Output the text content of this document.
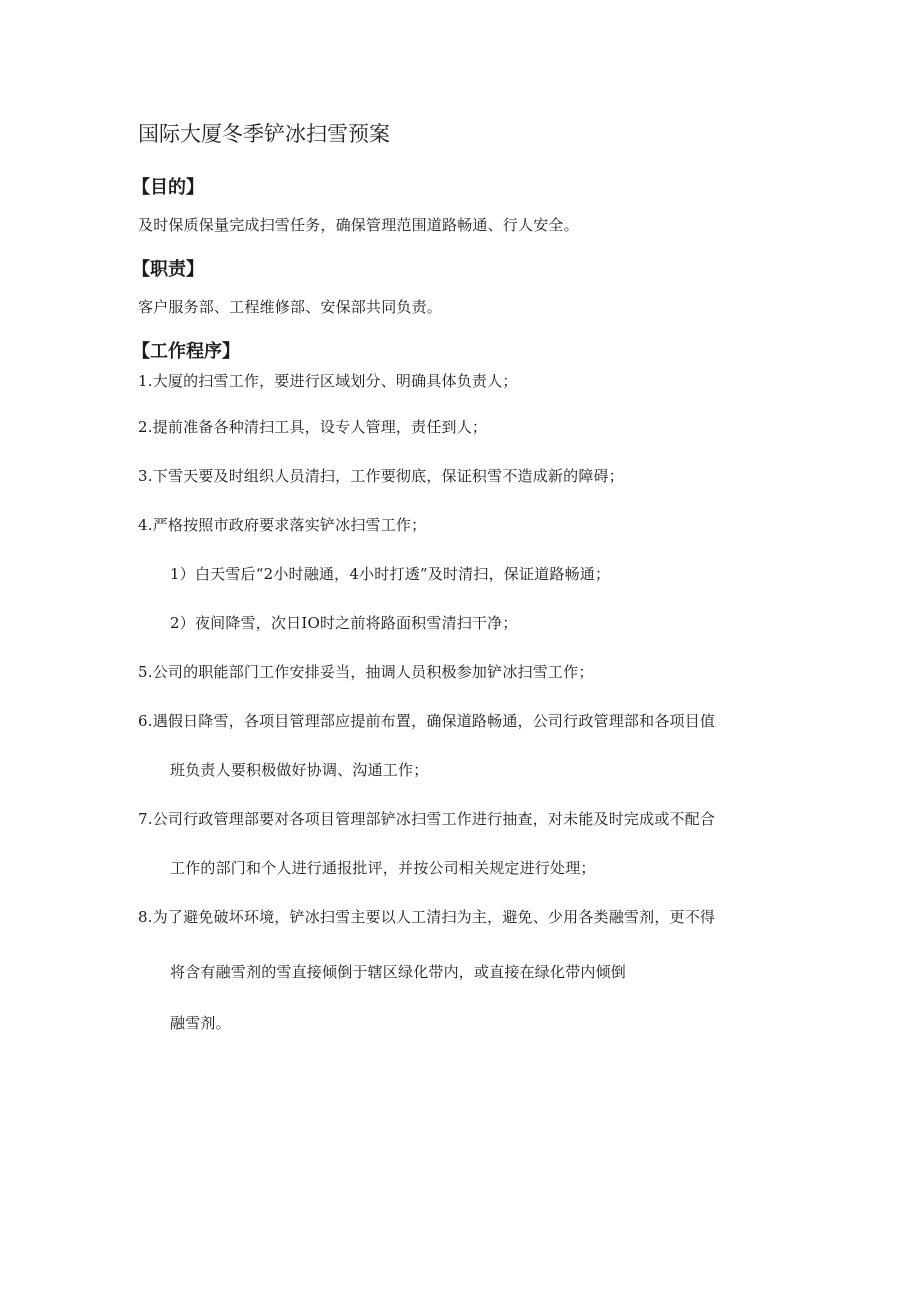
国际大厦冬季铲冰扫雪预案
【目的】
及时保质保量完成扫雪任务，确保管理范围道路畅通、行人安全。
【职责】
客户服务部、工程维修部、安保部共同负责。
【工作程序】
1.大厦的扫雪工作，要进行区域划分、明确具体负责人；
2.提前准备各种清扫工具，设专人管理，责任到人；
3.下雪天要及时组织人员清扫，工作要彻底，保证积雪不造成新的障碍；
4.严格按照市政府要求落实铲冰扫雪工作；
1）白天雪后“2小时融通，4小时打透”及时清扫，保证道路畅通；
2）夜间降雪，次日IO时之前将路面积雪清扫干净；
5.公司的职能部门工作安排妥当，抽调人员积极参加铲冰扫雪工作；
6.遇假日降雪，各项目管理部应提前布置，确保道路畅通，公司行政管理部和各项目值
班负责人要积极做好协调、沟通工作；
7.公司行政管理部要对各项目管理部铲冰扫雪工作进行抽查，对未能及时完成或不配合
工作的部门和个人进行通报批评，并按公司相关规定进行处理；
8.为了避免破坏环境，铲冰扫雪主要以人工清扫为主，避免、少用各类融雪剂，更不得
将含有融雪剂的雪直接倾倒于辖区绿化带内，或直接在绿化带内倾倒
融雪剂。
